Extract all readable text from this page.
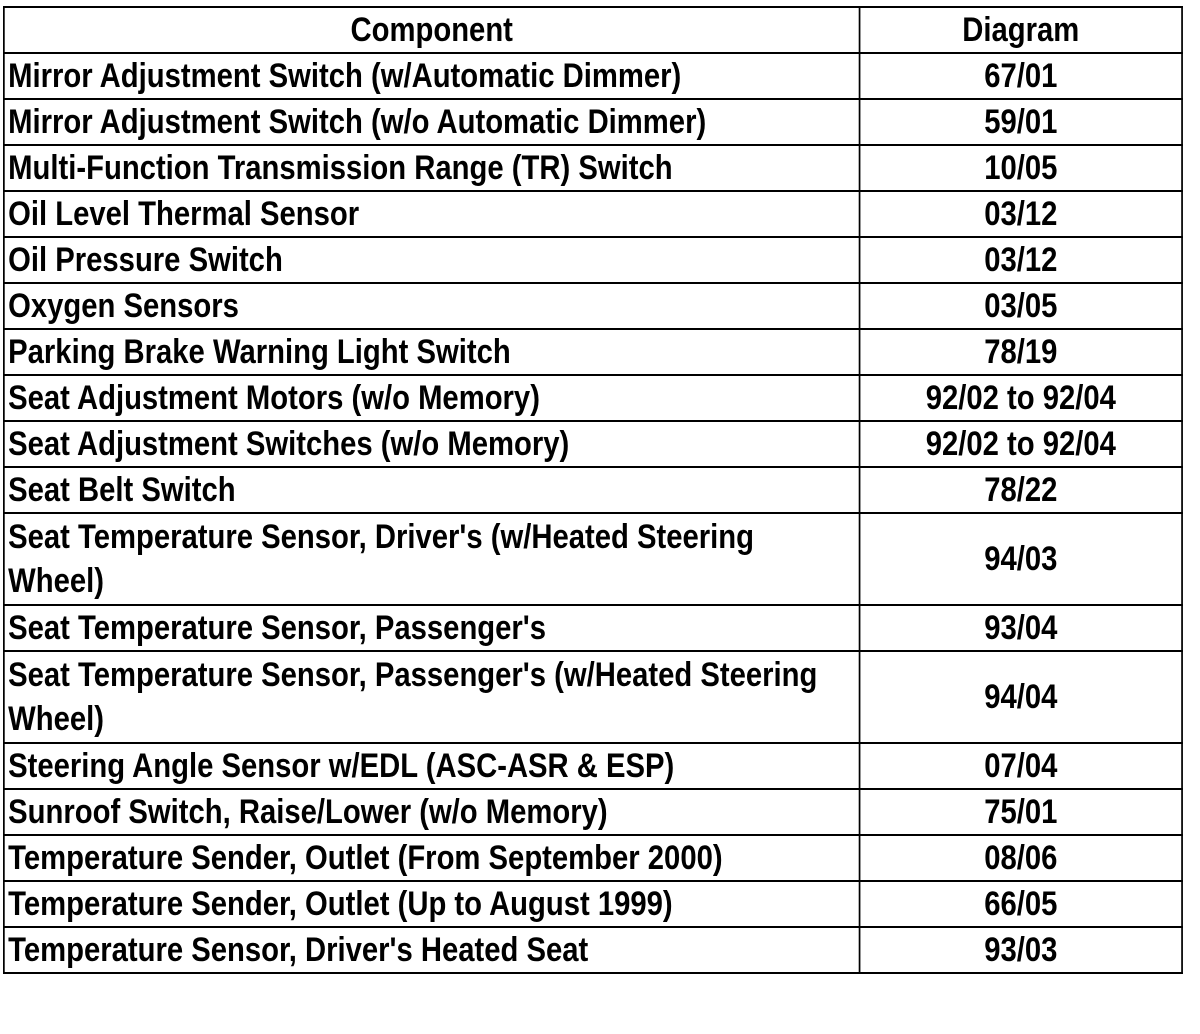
Component	Diagram
Mirror Adjustment Switch (w/Automatic Dimmer)	67/01
Mirror Adjustment Switch (w/o Automatic Dimmer)	59/01
Multi-Function Transmission Range (TR) Switch	10/05
Oil Level Thermal Sensor	03/12
Oil Pressure Switch	03/12
Oxygen Sensors	03/05
Parking Brake Warning Light Switch	78/19
Seat Adjustment Motors (w/o Memory)	92/02 to 92/04
Seat Adjustment Switches (w/o Memory)	92/02 to 92/04
Seat Belt Switch	78/22
Seat Temperature Sensor, Driver's (w/Heated Steering Wheel)	94/03
Seat Temperature Sensor, Passenger's	93/04
Seat Temperature Sensor, Passenger's (w/Heated Steering Wheel)	94/04
Steering Angle Sensor w/EDL (ASC-ASR & ESP)	07/04
Sunroof Switch, Raise/Lower (w/o Memory)	75/01
Temperature Sender, Outlet (From September 2000)	08/06
Temperature Sender, Outlet (Up to August 1999)	66/05
Temperature Sensor, Driver's Heated Seat	93/03
